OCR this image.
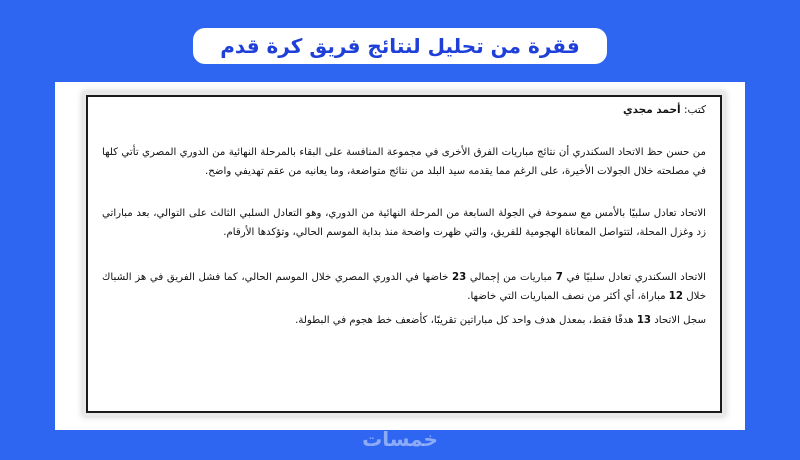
فقرة من تحليل لنتائج فريق كرة قدم
كتب: أحمد مجدي

من حسن حظ الاتحاد السكندري أن نتائج مباريات الفرق الأخرى في مجموعة المنافسة على البقاء بالمرحلة النهائية من الدوري المصري تأتي كلها في مصلحته خلال الجولات الأخيرة، على الرغم مما يقدمه سيد البلد من نتائج متواضعة، وما يعانيه من عقم تهديفي واضح.

الاتحاد تعادل سلبيًا بالأمس مع سموحة في الجولة السابعة من المرحلة النهائية من الدوري، وهو التعادل السلبي الثالث على التوالي، بعد مباراتي زد وغزل المحلة، لتتواصل المعاناة الهجومية للفريق، والتي ظهرت واضحة منذ بداية الموسم الحالي، وتؤكدها الأرقام.

الاتحاد السكندري تعادل سلبيًا في 7 مباريات من إجمالي 23 خاضها في الدوري المصري خلال الموسم الحالي، كما فشل الفريق في هز الشباك خلال 12 مباراة، أي أكثر من نصف المباريات التي خاضها.

سجل الاتحاد 13 هدفًا فقط، بمعدل هدف واحد كل مباراتين تقريبًا، كأضعف خط هجوم في البطولة.

خمسات
